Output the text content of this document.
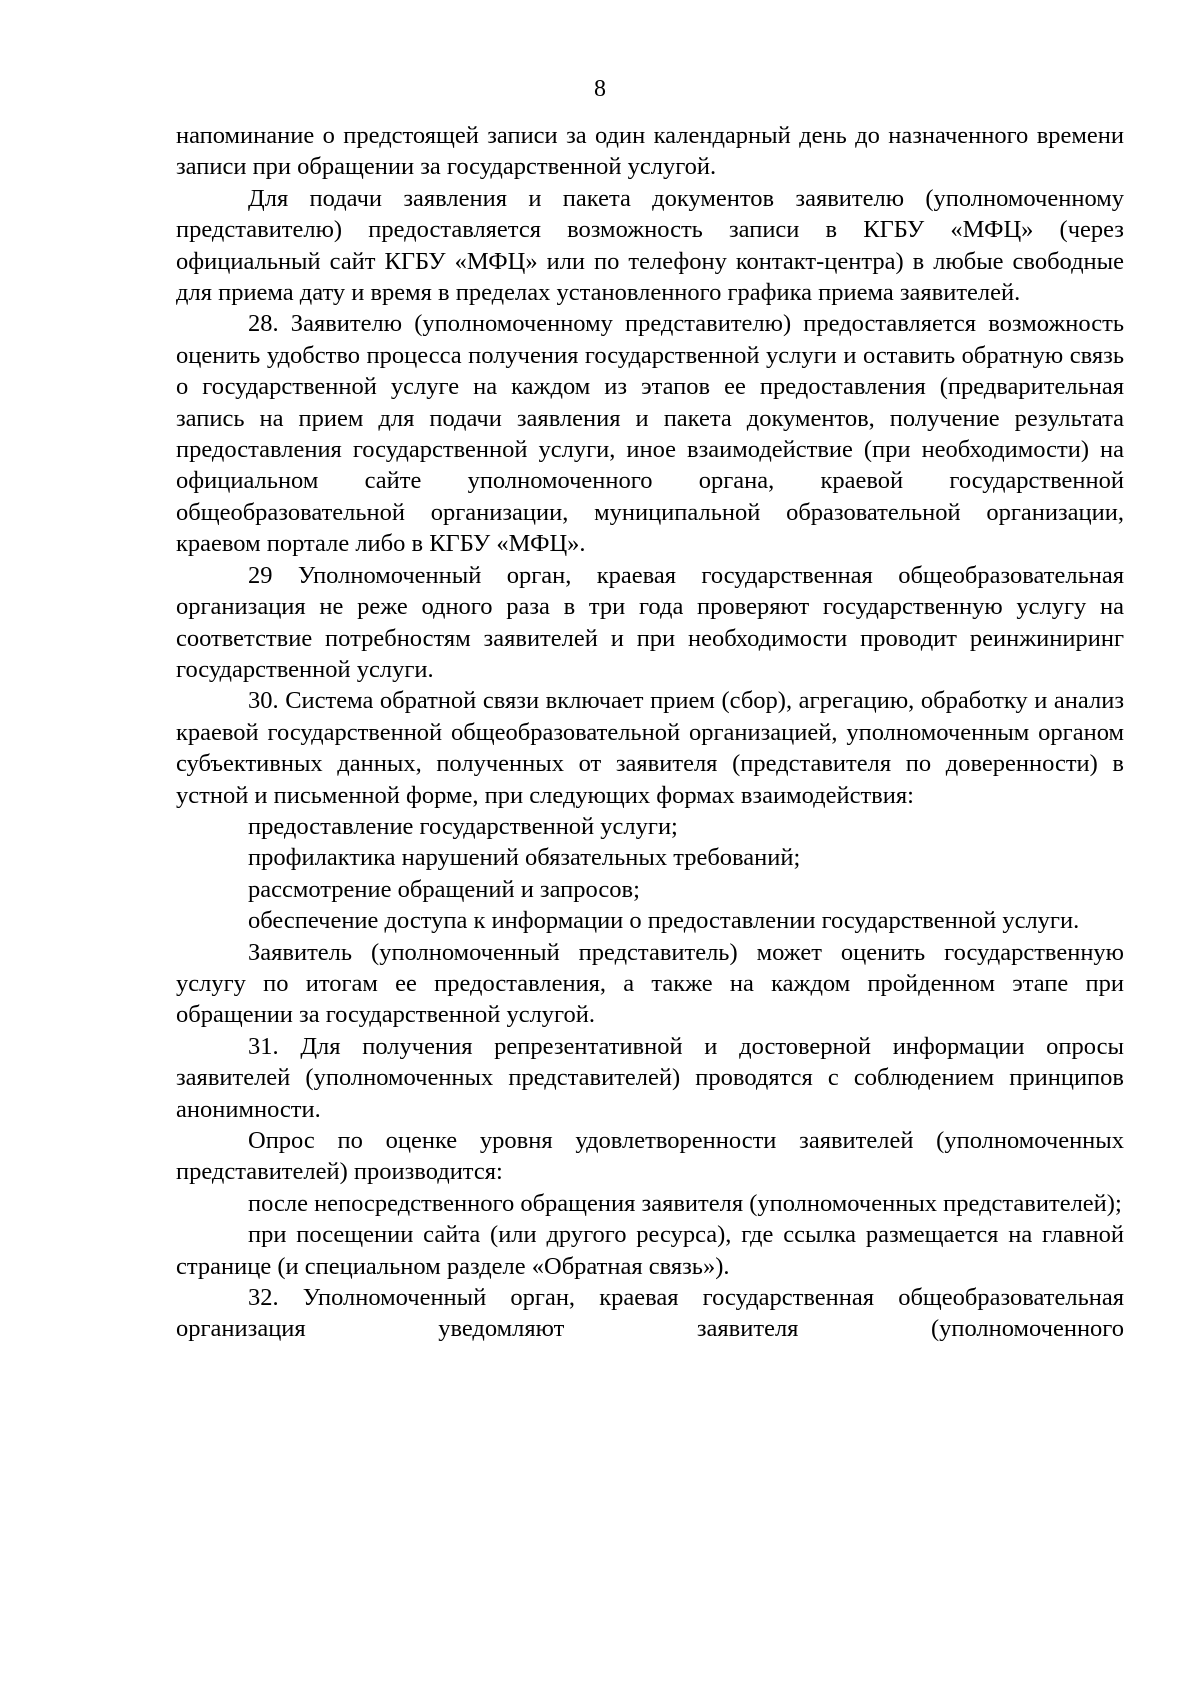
8

напоминание о предстоящей записи за один календарный день до назначенного времени записи при обращении за государственной услугой.

Для подачи заявления и пакета документов заявителю (уполномоченному представителю) предоставляется возможность записи в КГБУ «МФЦ» (через официальный сайт КГБУ «МФЦ» или по телефону контакт-центра) в любые свободные для приема дату и время в пределах установленного графика приема заявителей.

28. Заявителю (уполномоченному представителю) предоставляется возможность оценить удобство процесса получения государственной услуги и оставить обратную связь о государственной услуге на каждом из этапов ее предоставления (предварительная запись на прием для подачи заявления и пакета документов, получение результата предоставления государственной услуги, иное взаимодействие (при необходимости) на официальном сайте уполномоченного органа, краевой государственной общеобразовательной организации, муниципальной образовательной организации, краевом портале либо в КГБУ «МФЦ».

29 Уполномоченный орган, краевая государственная общеобразовательная организация не реже одного раза в три года проверяют государственную услугу на соответствие потребностям заявителей и при необходимости проводит реинжиниринг государственной услуги.

30. Система обратной связи включает прием (сбор), агрегацию, обработку и анализ краевой государственной общеобразовательной организацией, уполномоченным органом субъективных данных, полученных от заявителя (представителя по доверенности) в устной и письменной форме, при следующих формах взаимодействия:

предоставление государственной услуги;

профилактика нарушений обязательных требований;

рассмотрение обращений и запросов;

обеспечение доступа к информации о предоставлении государственной услуги.

Заявитель (уполномоченный представитель) может оценить государственную услугу по итогам ее предоставления, а также на каждом пройденном этапе при обращении за государственной услугой.

31. Для получения репрезентативной и достоверной информации опросы заявителей (уполномоченных представителей) проводятся с соблюдением принципов анонимности.

Опрос по оценке уровня удовлетворенности заявителей (уполномоченных представителей) производится:

после непосредственного обращения заявителя (уполномоченных представителей);

при посещении сайта (или другого ресурса), где ссылка размещается на главной странице (и специальном разделе «Обратная связь»).

32. Уполномоченный орган, краевая государственная общеобразовательная организация уведомляют заявителя (уполномоченного
